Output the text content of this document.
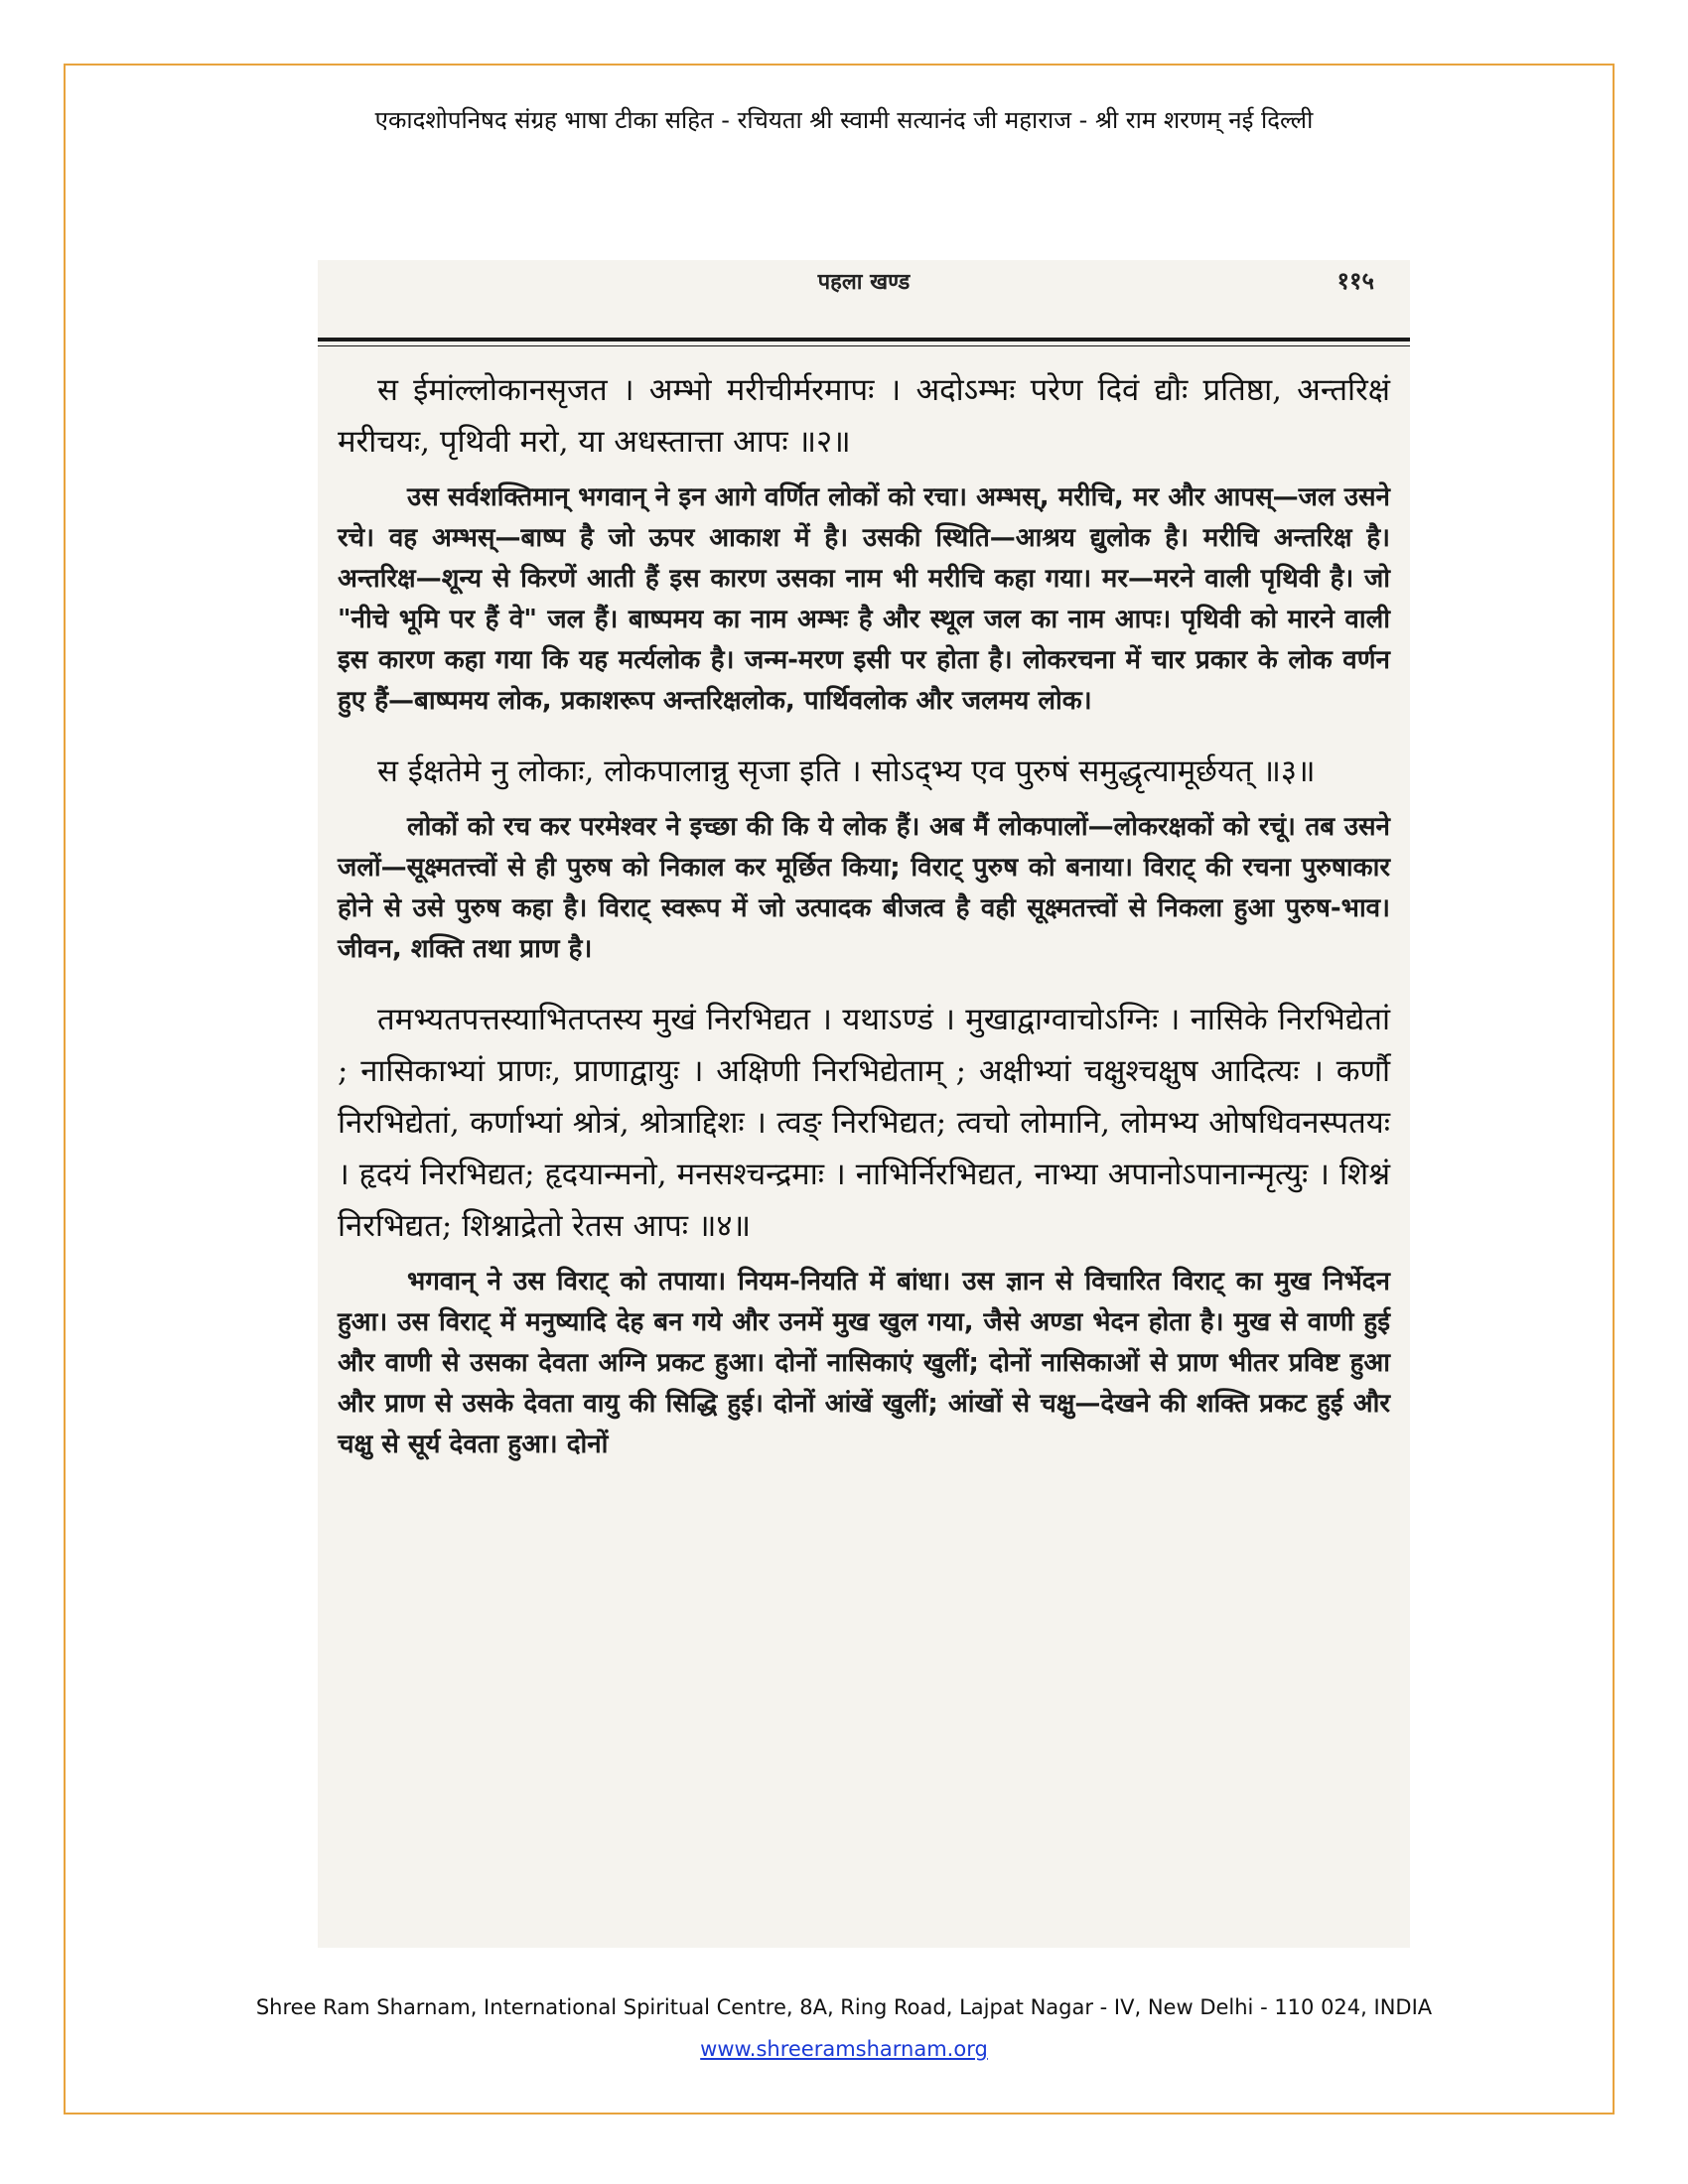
एकादशोपनिषद संग्रह भाषा टीका सहित - रचियता श्री स्वामी सत्यानंद जी महाराज - श्री राम शरणम् नई दिल्ली
पहला खण्ड	११५

स ईमांल्लोकानसृजत । अम्भो मरीचीर्मरमापः । अदोऽम्भः परेण दिवं द्यौः प्रतिष्ठा, अन्तरिक्षं मरीचयः, पृथिवी मरो, या अधस्तात्ता आपः ॥२॥

उस सर्वशक्तिमान् भगवान् ने इन आगे वर्णित लोकों को रचा। अम्भस्, मरीचि, मर और आपस्—जल उसने रचे। वह अम्भस्—बाष्प है जो ऊपर आकाश में है। उसकी स्थिति—आश्रय द्युलोक है। मरीचि अन्तरिक्ष है। अन्तरिक्ष—शून्य से किरणें आती हैं इस कारण उसका नाम भी मरीचि कहा गया। मर—मरने वाली पृथिवी है। जो "नीचे भूमि पर हैं वे" जल हैं। बाष्पमय का नाम अम्भः है और स्थूल जल का नाम आपः। पृथिवी को मारने वाली इस कारण कहा गया कि यह मर्त्यलोक है। जन्म-मरण इसी पर होता है। लोकरचना में चार प्रकार के लोक वर्णन हुए हैं—बाष्पमय लोक, प्रकाशरूप अन्तरिक्षलोक, पार्थिवलोक और जलमय लोक।

स ईक्षतेमे नु लोकाः, लोकपालान्नु सृजा इति । सोऽद्भ्य एव पुरुषं समुद्धृत्यामूर्छयत् ॥३॥

लोकों को रच कर परमेश्वर ने इच्छा की कि ये लोक हैं। अब मैं लोकपालों—लोकरक्षकों को रचूं। तब उसने जलों—सूक्ष्मतत्त्वों से ही पुरुष को निकाल कर मूर्छित किया; विराट् पुरुष को बनाया। विराट् की रचना पुरुषाकार होने से उसे पुरुष कहा है। विराट् स्वरूप में जो उत्पादक बीजत्व है वही सूक्ष्मतत्त्वों से निकला हुआ पुरुष-भाव। जीवन, शक्ति तथा प्राण है।

तमभ्यतपत्तस्याभितप्तस्य मुखं निरभिद्यत । यथाऽण्डं । मुखाद्वाग्वाचोऽग्निः । नासिके निरभिद्येतां ; नासिकाभ्यां प्राणः, प्राणाद्वायुः । अक्षिणी निरभिद्येताम् ; अक्षीभ्यां चक्षुश्चक्षुष आदित्यः । कर्णौ निरभिद्येतां, कर्णाभ्यां श्रोत्रं, श्रोत्राद्दिशः । त्वङ् निरभिद्यत; त्वचो लोमानि, लोमभ्य ओषधिवनस्पतयः । हृदयं निरभिद्यत; हृदयान्मनो, मनसश्चन्द्रमाः । नाभिर्निरभिद्यत, नाभ्या अपानोऽपानान्मृत्युः । शिश्नं निरभिद्यत; शिश्नाद्रेतो रेतस आपः ॥४॥

भगवान् ने उस विराट् को तपाया। नियम-नियति में बांधा। उस ज्ञान से विचारित विराट् का मुख निर्भेदन हुआ। उस विराट् में मनुष्यादि देह बन गये और उनमें मुख खुल गया, जैसे अण्डा भेदन होता है। मुख से वाणी हुई और वाणी से उसका देवता अग्नि प्रकट हुआ। दोनों नासिकाएं खुलीं; दोनों नासिकाओं से प्राण भीतर प्रविष्ट हुआ और प्राण से उसके देवता वायु की सिद्धि हुई। दोनों आंखें खुलीं; आंखों से चक्षु—देखने की शक्ति प्रकट हुई और चक्षु से सूर्य देवता हुआ। दोनों

Shree Ram Sharnam, International Spiritual Centre, 8A, Ring Road, Lajpat Nagar - IV, New Delhi - 110 024, INDIA
www.shreeramsharnam.org
